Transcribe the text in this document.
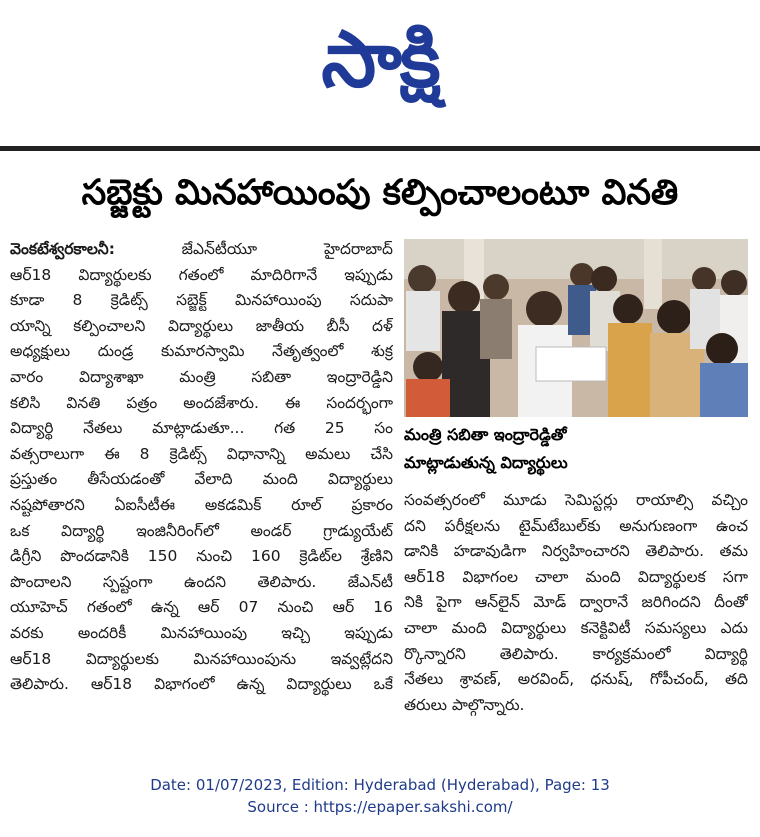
సాక్షి
సబ్జెక్టు మినహాయింపు కల్పించాలంటూ వినతి
వెంకటేశ్వరకాలనీ: జేఎన్‌టీయూ హైదరాబాద్
ఆర్‌18 విద్యార్థులకు గతంలో మాదిరిగానే ఇప్పుడు
కూడా 8 క్రెడిట్స్ సబ్జెక్ట్ మినహాయింపు సదుపా
యాన్ని కల్పించాలని విద్యార్థులు జాతీయ బీసీ దళ్
అధ్యక్షులు దుండ్ర కుమారస్వామి నేతృత్వంలో శుక్ర
వారం విద్యాశాఖా మంత్రి సబితా ఇంద్రారెడ్డిని
కలిసి వినతి పత్రం అందజేశారు. ఈ సందర్భంగా
విద్యార్థి నేతలు మాట్లాడుతూ... గత 25 సం
వత్సరాలుగా ఈ 8 క్రెడిట్స్ విధానాన్ని అమలు చేసి
ప్రస్తుతం తీసేయడంతో వేలాది మంది విద్యార్థులు
నష్టపోతారని ఏఐసీటీఈ అకడమిక్ రూల్ ప్రకారం
ఒక విద్యార్థి ఇంజినీరింగ్‌లో అండర్ గ్రాడ్యుయేట్
డిగ్రీని పొందడానికి 150 నుంచి 160 క్రెడిట్‌ల శ్రేణిని
పొందాలని స్పష్టంగా ఉందని తెలిపారు. జేఎన్‌టీ
యూహెచ్ గతంలో ఉన్న ఆర్ 07 నుంచి ఆర్ 16
వరకు అందరికీ మినహాయింపు ఇచ్చి ఇప్పుడు
ఆర్‌18 విద్యార్థులకు మినహాయింపును ఇవ్వట్లేదని
తెలిపారు. ఆర్‌18 విభాగంలో ఉన్న విద్యార్థులు ఒకే
మంత్రి సబితా ఇంద్రారెడ్డితో
మాట్లాడుతున్న విద్యార్థులు
సంవత్సరంలో మూడు సెమిస్టర్లు రాయాల్సి వచ్చిం
దని పరీక్షలను టైమ్‌టేబుల్‌కు అనుగుణంగా ఉంచ
డానికి హడావుడిగా నిర్వహించారని తెలిపారు. తమ
ఆర్‌18 విభాగంల చాలా మంది విద్యార్థులక సగా
నికి పైగా ఆన్‌లైన్ మోడ్ ద్వారానే జరిగిందని దీంతో
చాలా మంది విద్యార్థులు కనెక్టివిటీ సమస్యలు ఎదు
ర్కొన్నారని తెలిపారు. కార్యక్రమంలో విద్యార్థి
నేతలు శ్రావణ్, అరవింద్, ధనుష్, గోపీచంద్, తది
తరులు పాల్గొన్నారు.
Date: 01/07/2023, Edition: Hyderabad (Hyderabad), Page: 13
Source : https://epaper.sakshi.com/
